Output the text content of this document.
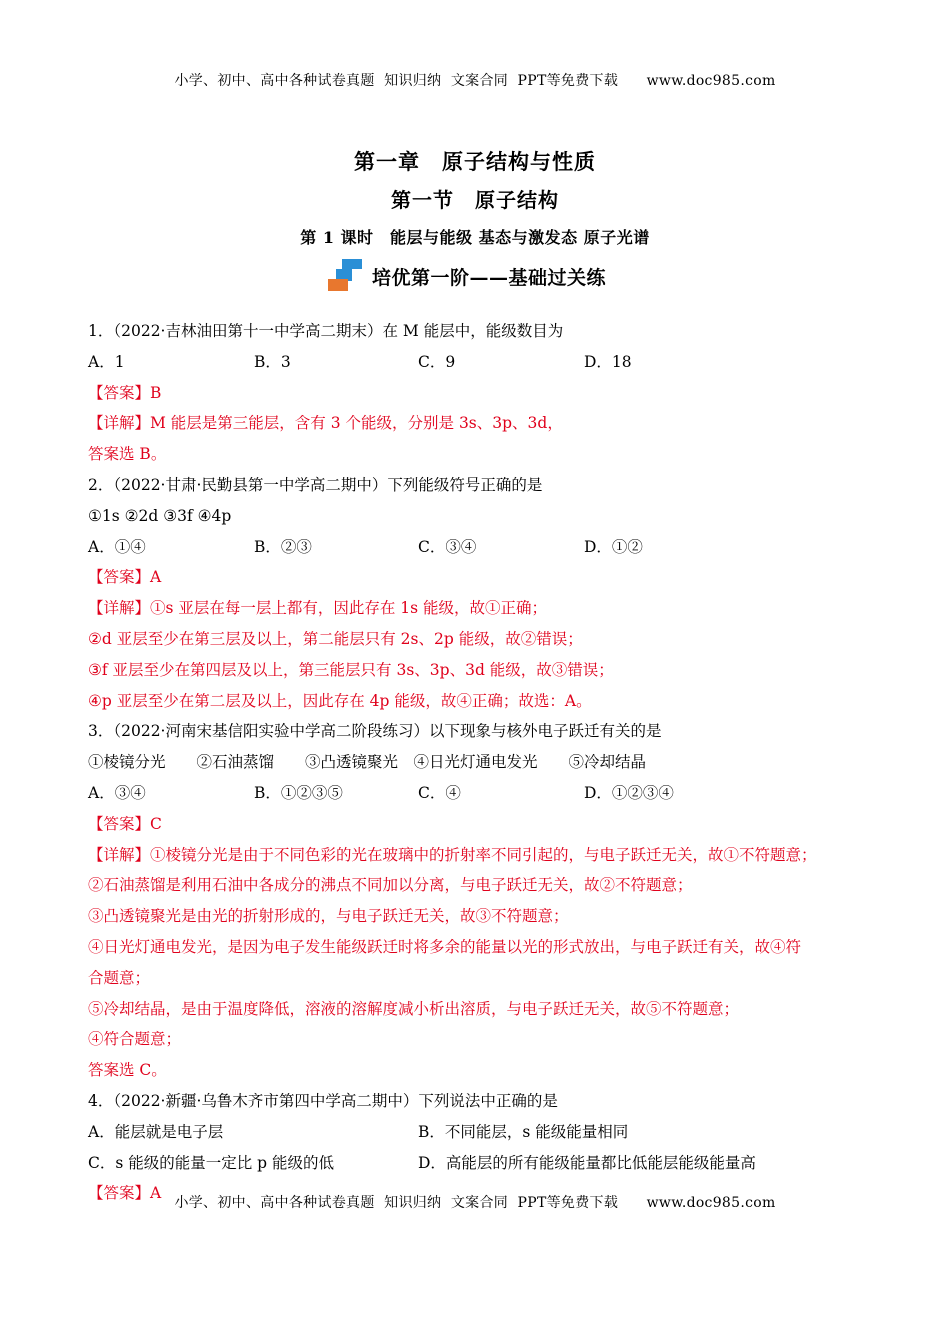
小学、初中、高中各种试卷真题  知识归纳  文案合同  PPT等免费下载      www.doc985.com
第一章　原子结构与性质
第一节　原子结构
第 1 课时　能层与能级 基态与激发态 原子光谱
培优第一阶——基础过关练
1．（2022·吉林油田第十一中学高二期末）在 M 能层中，能级数目为
A．1	B．3	C．9	D．18
【答案】B
【详解】M 能层是第三能层，含有 3 个能级，分别是 3s、3p、3d，
答案选 B。
2．（2022·甘肃·民勤县第一中学高二期中）下列能级符号正确的是
①1s ②2d ③3f ④4p
A．①④	B．②③	C．③④	D．①②
【答案】A
【详解】①s 亚层在每一层上都有，因此存在 1s 能级，故①正确；
②d 亚层至少在第三层及以上，第二能层只有 2s、2p 能级，故②错误；
③f 亚层至少在第四层及以上，第三能层只有 3s、3p、3d 能级，故③错误；
④p 亚层至少在第二层及以上，因此存在 4p 能级，故④正确；故选：A。
3．（2022·河南宋基信阳实验中学高二阶段练习）以下现象与核外电子跃迁有关的是
①棱镜分光　　②石油蒸馏　　③凸透镜聚光　④日光灯通电发光　　⑤冷却结晶
A．③④	B．①②③⑤	C．④	D．①②③④
【答案】C
【详解】①棱镜分光是由于不同色彩的光在玻璃中的折射率不同引起的，与电子跃迁无关，故①不符题意；
②石油蒸馏是利用石油中各成分的沸点不同加以分离，与电子跃迁无关，故②不符题意；
③凸透镜聚光是由光的折射形成的，与电子跃迁无关，故③不符题意；
④日光灯通电发光，是因为电子发生能级跃迁时将多余的能量以光的形式放出，与电子跃迁有关，故④符
合题意；
⑤冷却结晶，是由于温度降低，溶液的溶解度减小析出溶质，与电子跃迁无关，故⑤不符题意；
④符合题意；
答案选 C。
4．（2022·新疆·乌鲁木齐市第四中学高二期中）下列说法中正确的是
A．能层就是电子层	B．不同能层，s 能级能量相同
C．s 能级的能量一定比 p 能级的低	D．高能层的所有能级能量都比低能层能级能量高
【答案】A
小学、初中、高中各种试卷真题  知识归纳  文案合同  PPT等免费下载      www.doc985.com
